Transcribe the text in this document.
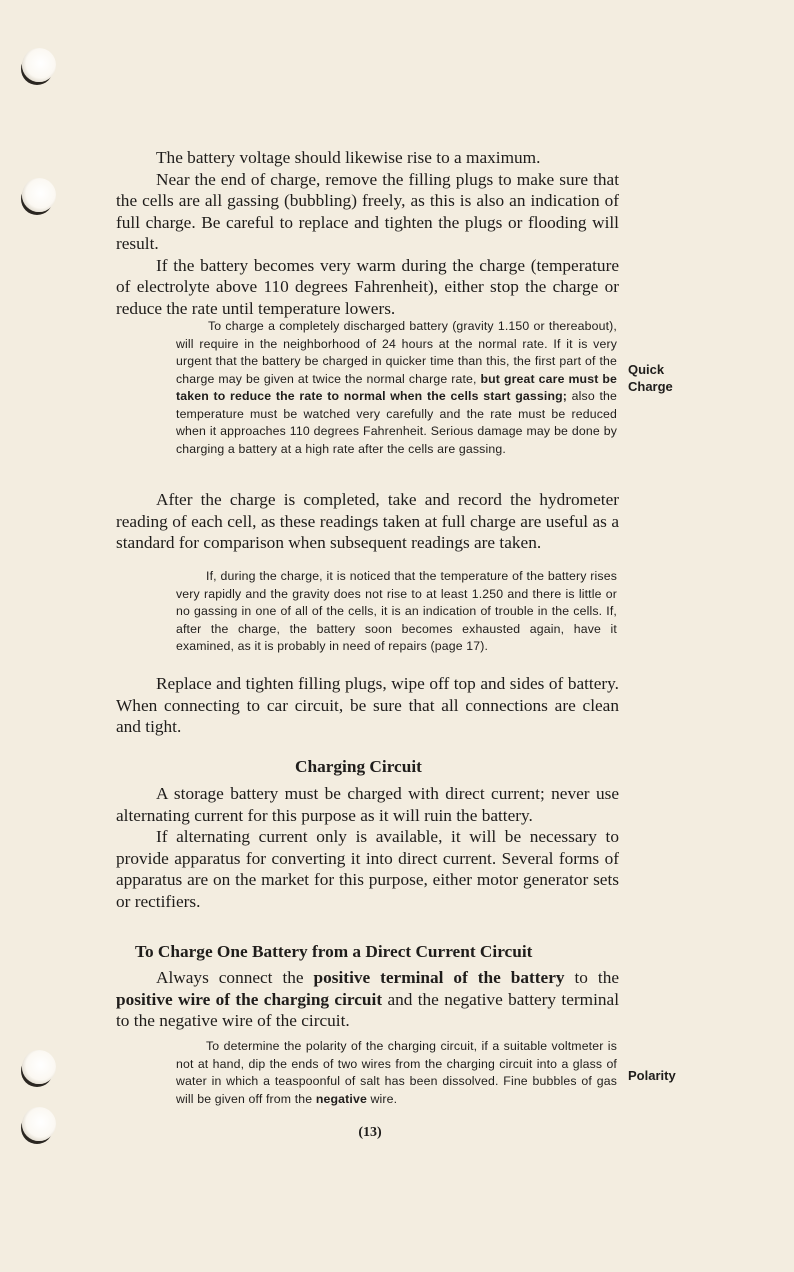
The battery voltage should likewise rise to a maximum.

Near the end of charge, remove the filling plugs to make sure that the cells are all gassing (bubbling) freely, as this is also an indication of full charge. Be careful to replace and tighten the plugs or flooding will result.

If the battery becomes very warm during the charge (temperature of electrolyte above 110 degrees Fahrenheit), either stop the charge or reduce the rate until temperature lowers.

To charge a completely discharged battery (gravity 1.150 or thereabout), will require in the neighborhood of 24 hours at the normal rate. If it is very urgent that the battery be charged in quicker time than this, the first part of the charge may be given at twice the normal charge rate, but great care must be taken to reduce the rate to normal when the cells start gassing; also the temperature must be watched very carefully and the rate must be reduced when it approaches 110 degrees Fahrenheit. Serious damage may be done by charging a battery at a high rate after the cells are gassing.

Quick
Charge

After the charge is completed, take and record the hydrometer reading of each cell, as these readings taken at full charge are useful as a standard for comparison when subsequent readings are taken.

If, during the charge, it is noticed that the temperature of the battery rises very rapidly and the gravity does not rise to at least 1.250 and there is little or no gassing in one of all of the cells, it is an indication of trouble in the cells. If, after the charge, the battery soon becomes exhausted again, have it examined, as it is probably in need of repairs (page 17).

Replace and tighten filling plugs, wipe off top and sides of battery. When connecting to car circuit, be sure that all connections are clean and tight.

Charging Circuit

A storage battery must be charged with direct current; never use alternating current for this purpose as it will ruin the battery.

If alternating current only is available, it will be necessary to provide apparatus for converting it into direct current. Several forms of apparatus are on the market for this purpose, either motor generator sets or rectifiers.

To Charge One Battery from a Direct Current Circuit

Always connect the positive terminal of the battery to the positive wire of the charging circuit and the negative battery terminal to the negative wire of the circuit.

To determine the polarity of the charging circuit, if a suitable voltmeter is not at hand, dip the ends of two wires from the charging circuit into a glass of water in which a teaspoonful of salt has been dissolved. Fine bubbles of gas will be given off from the negative wire.

Polarity
(13)
